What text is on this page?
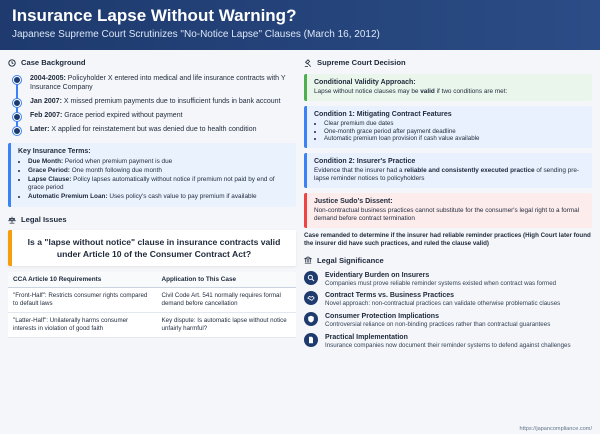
Insurance Lapse Without Warning?
Japanese Supreme Court Scrutinizes "No-Notice Lapse" Clauses (March 16, 2012)
Case Background
2004-2005: Policyholder X entered into medical and life insurance contracts with Y Insurance Company
Jan 2007: X missed premium payments due to insufficient funds in bank account
Feb 2007: Grace period expired without payment
Later: X applied for reinstatement but was denied due to health condition
Key Insurance Terms:
• Due Month: Period when premium payment is due
• Grace Period: One month following due month
• Lapse Clause: Policy lapses automatically without notice if premium not paid by end of grace period
• Automatic Premium Loan: Uses policy's cash value to pay premium if available
Legal Issues
Is a "lapse without notice" clause in insurance contracts valid under Article 10 of the Consumer Contract Act?
CCA Article 10 Requirements	Application to This Case
"Front-Half": Restricts consumer rights compared to default laws	Civil Code Art. 541 normally requires formal demand before cancellation
"Latter-Half": Unilaterally harms consumer interests in violation of good faith	Key dispute: Is automatic lapse without notice unfairly harmful?
Supreme Court Decision
Conditional Validity Approach:

Lapse without notice clauses may be valid if two conditions are met:

Condition 1: Mitigating Contract Features
• Clear premium due dates
• One-month grace period after payment deadline
• Automatic premium loan provision if cash value available
Condition 2: Insurer's Practice

Evidence that the insurer had a reliable and consistently executed practice of sending pre-lapse reminder notices to policyholders

Justice Sudo's Dissent:

Non-contractual business practices cannot substitute for the consumer's legal right to a formal demand before contract termination

Case remanded to determine if the insurer had reliable reminder practices (High Court later found the insurer did have such practices, and ruled the clause valid)
Legal Significance
Evidentiary Burden on Insurers

Companies must prove reliable reminder systems existed when contract was formed

Contract Terms vs. Business Practices

Novel approach: non-contractual practices can validate otherwise problematic clauses

Consumer Protection Implications

Controversial reliance on non-binding practices rather than contractual guarantees

Practical Implementation

Insurance companies now document their reminder systems to defend against challenges

https://japancompliance.com/
